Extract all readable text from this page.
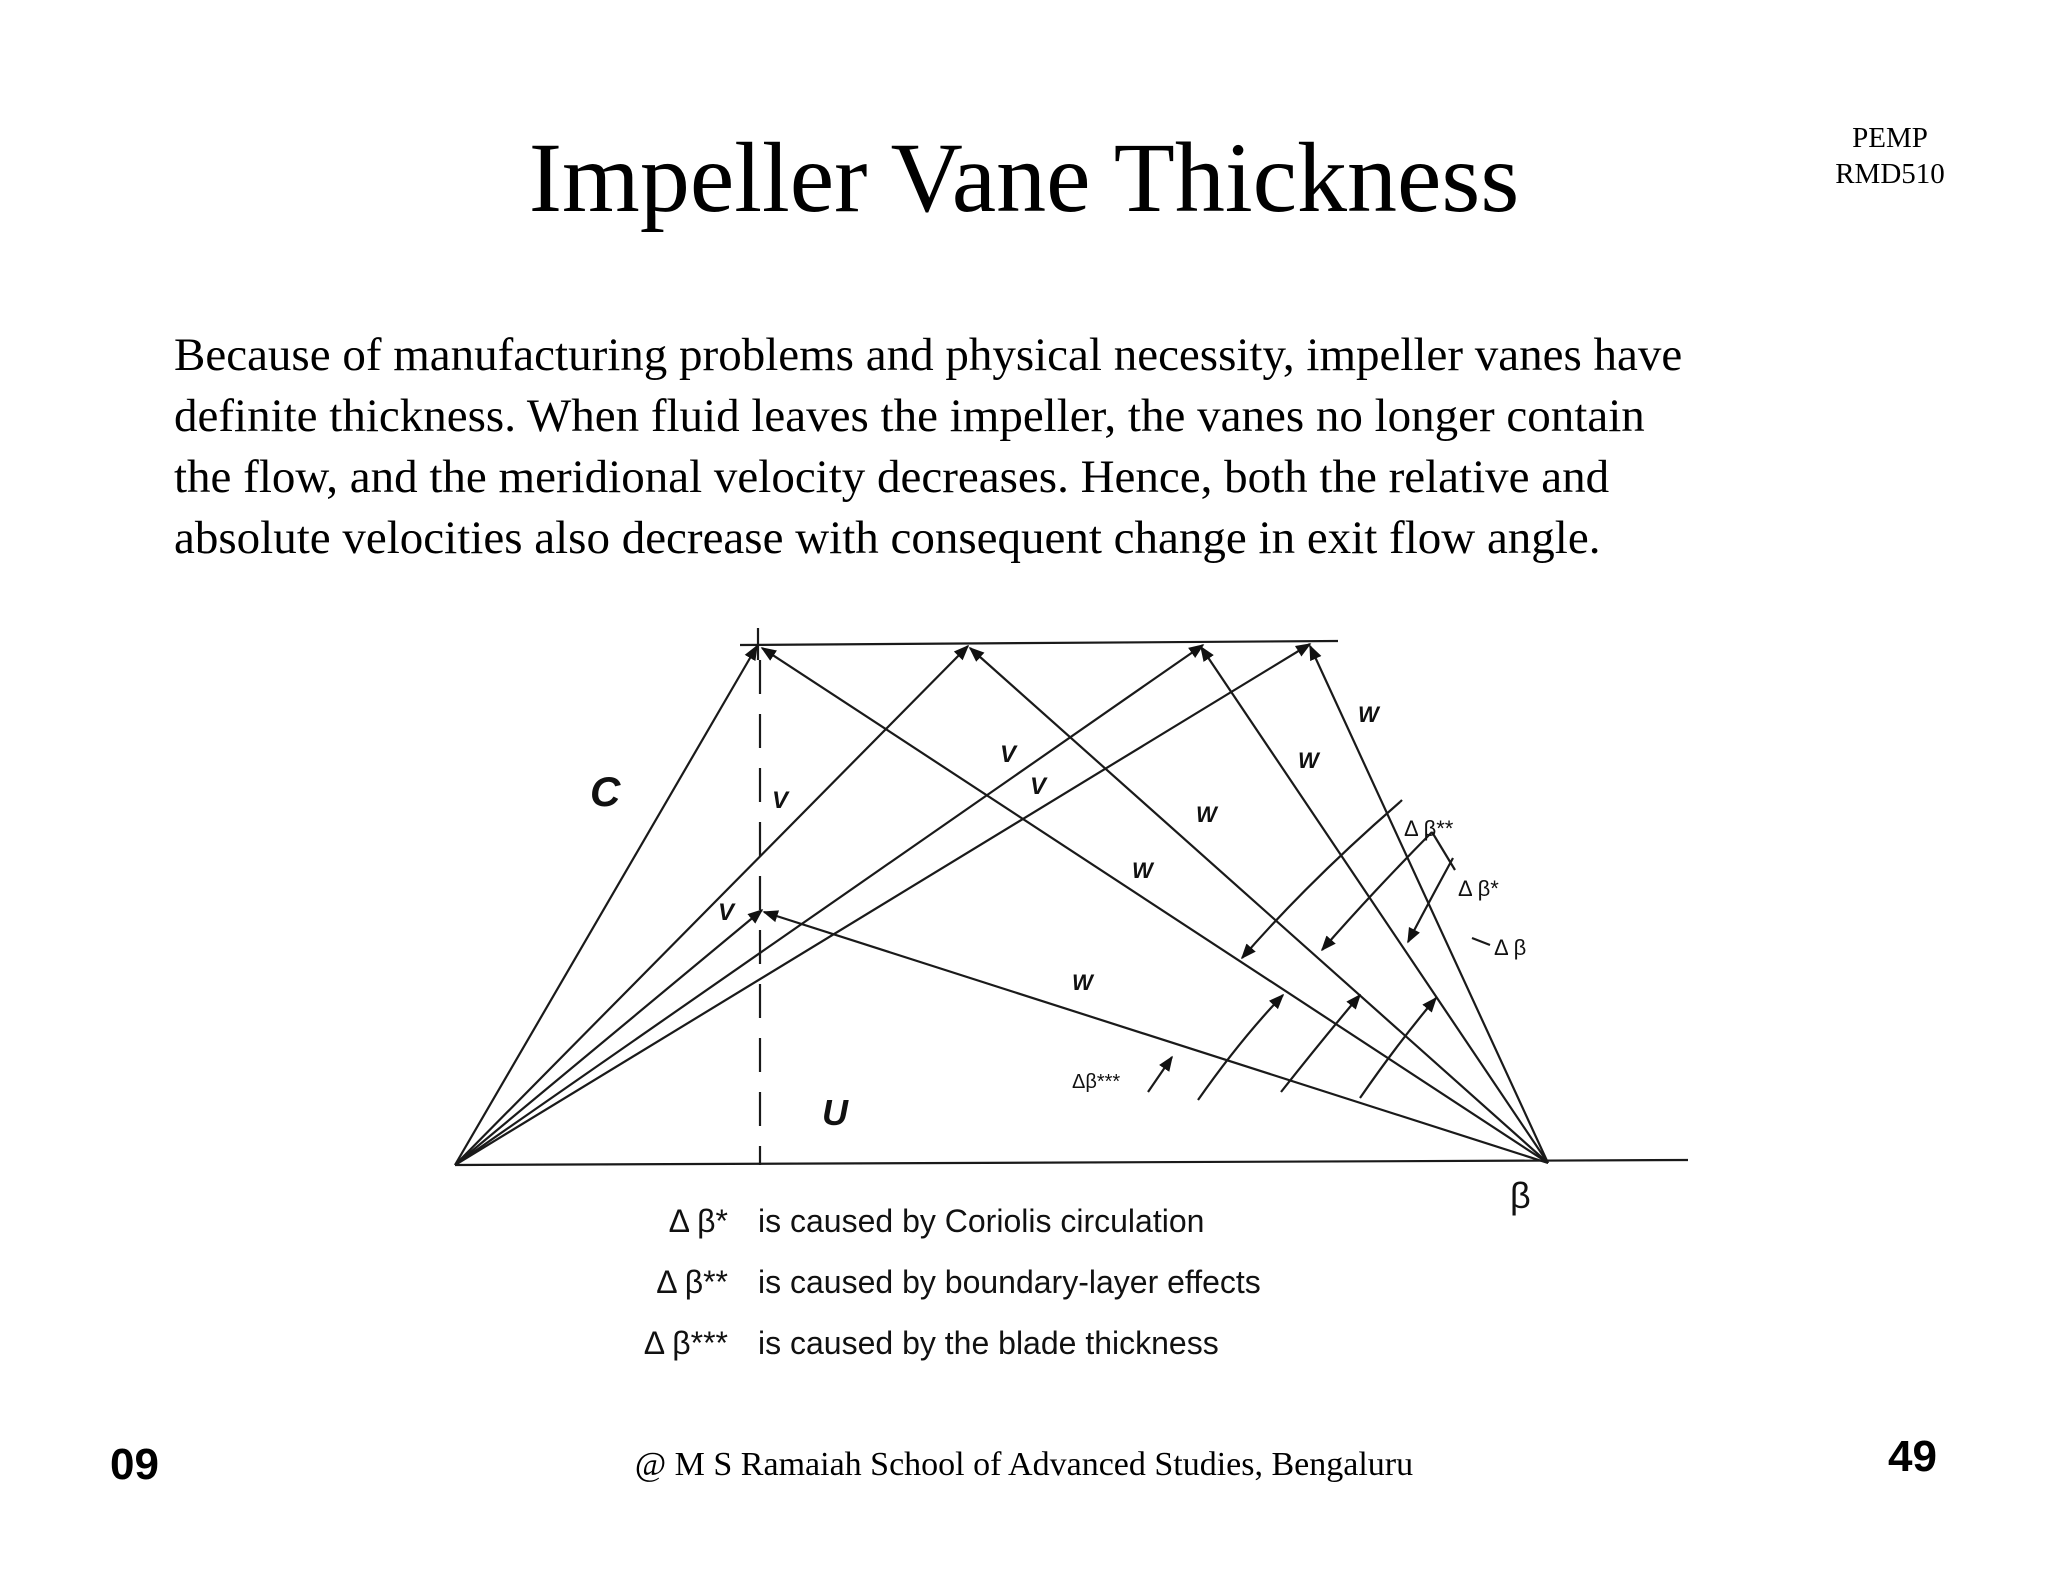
Impeller Vane Thickness	PEMP
RMD510

Because of manufacturing problems and physical necessity, impeller vanes have
definite thickness. When fluid leaves the impeller, the vanes no longer contain
the flow, and the meridional velocity decreases. Hence, both the relative and
absolute velocities also decrease with consequent change in exit flow angle.

C
U
β
V
V
V
V
W
W
W
W
W
Δ β**
Δ β*
Δ β
Δβ***
Δ β* is caused by Coriolis circulation
Δ β** is caused by boundary-layer effects
Δ β*** is caused by the blade thickness
09	@ M S Ramaiah School of Advanced Studies, Bengaluru	49
